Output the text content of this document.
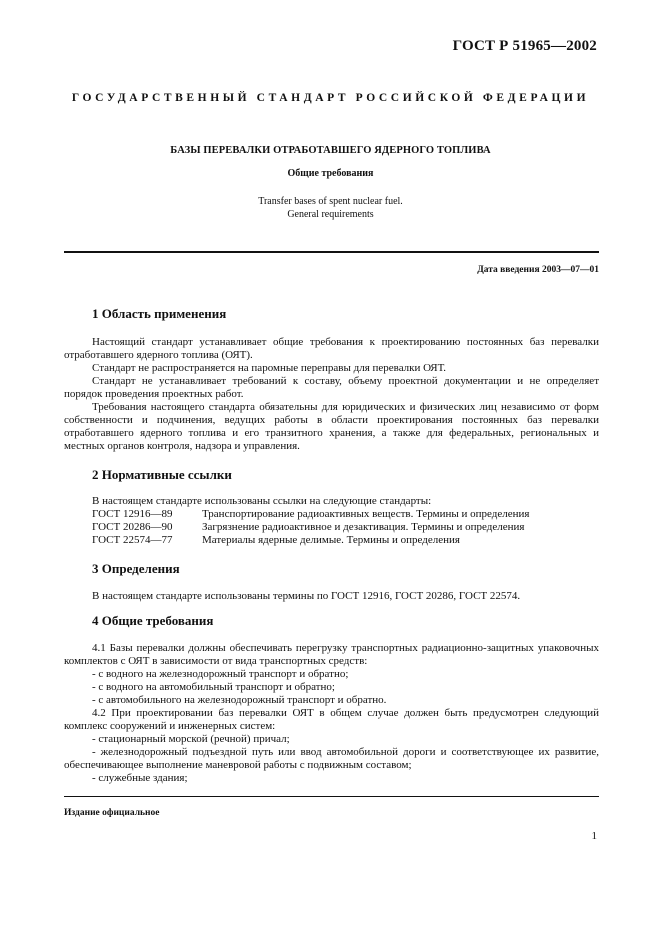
ГОСТ Р 51965—2002
ГОСУДАРСТВЕННЫЙ СТАНДАРТ РОССИЙСКОЙ ФЕДЕРАЦИИ
БАЗЫ ПЕРЕВАЛКИ ОТРАБОТАВШЕГО ЯДЕРНОГО ТОПЛИВА
Общие требования
Transfer bases of spent nuclear fuel.
General requirements
Дата введения 2003—07—01
1 Область применения

Настоящий стандарт устанавливает общие требования к проектированию постоянных баз перевалки отработавшего ядерного топлива (ОЯТ).

Стандарт не распространяется на паромные переправы для перевалки ОЯТ.

Стандарт не устанавливает требований к составу, объему проектной документации и не определяет порядок проведения проектных работ.

Требования настоящего стандарта обязательны для юридических и физических лиц независимо от форм собственности и подчинения, ведущих работы в области проектирования постоянных баз перевалки отработавшего ядерного топлива и его транзитного хранения, а также для федеральных, региональных и местных органов контроля, надзора и управления.

2 Нормативные ссылки
В настоящем стандарте использованы ссылки на следующие стандарты:
ГОСТ 12916—89	Транспортирование радиоактивных веществ. Термины и определения
ГОСТ 20286—90	Загрязнение радиоактивное и дезактивация. Термины и определения
ГОСТ 22574—77	Материалы ядерные делимые. Термины и определения
3 Определения

В настоящем стандарте использованы термины по ГОСТ 12916, ГОСТ 20286, ГОСТ 22574.

4 Общие требования

4.1 Базы перевалки должны обеспечивать перегрузку транспортных радиационно-защитных упаковочных комплектов с ОЯТ в зависимости от вида транспортных средств:

- с водного на железнодорожный транспорт и обратно;

- с водного на автомобильный транспорт и обратно;

- с автомобильного на железнодорожный транспорт и обратно.

4.2 При проектировании баз перевалки ОЯТ в общем случае должен быть предусмотрен следующий комплекс сооружений и инженерных систем:

- стационарный морской (речной) причал;

- железнодорожный подъездной путь или ввод автомобильной дороги и соответствующее их развитие, обеспечивающее выполнение маневровой работы с подвижным составом;

- служебные здания;

Издание официальное
1
